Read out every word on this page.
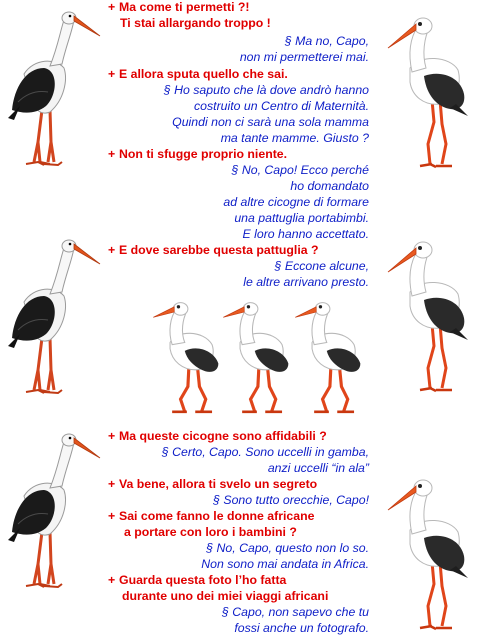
+ Ma come ti permetti ?!
Ti stai allargando troppo !
§ Ma no, Capo,
non mi permetterei mai.
+ E allora sputa quello che sai.
§ Ho saputo che là dove andrò hanno
costruito un Centro di Maternità.
Quindi non ci sarà una sola mamma
ma tante mamme. Giusto ?
+ Non ti sfugge proprio niente.
§ No, Capo! Ecco perché
ho domandato
ad altre cicogne di formare
una pattuglia portabimbi.
E loro hanno accettato.
+ E dove sarebbe questa pattuglia ?
§ Eccone alcune,
le altre arrivano presto.
+ Ma queste cicogne sono affidabili ?
§ Certo, Capo. Sono uccelli in gamba,
anzi uccelli “in ala”
+ Va bene, allora ti svelo un segreto
§ Sono tutto orecchie, Capo!
+ Sai come fanno le donne africane
a portare con loro i bambini ?
§ No, Capo, questo non lo so.
Non sono mai andata in Africa.
+ Guarda questa foto l’ho fatta
durante uno dei miei viaggi africani
§ Capo, non sapevo che tu
fossi anche un fotografo.
